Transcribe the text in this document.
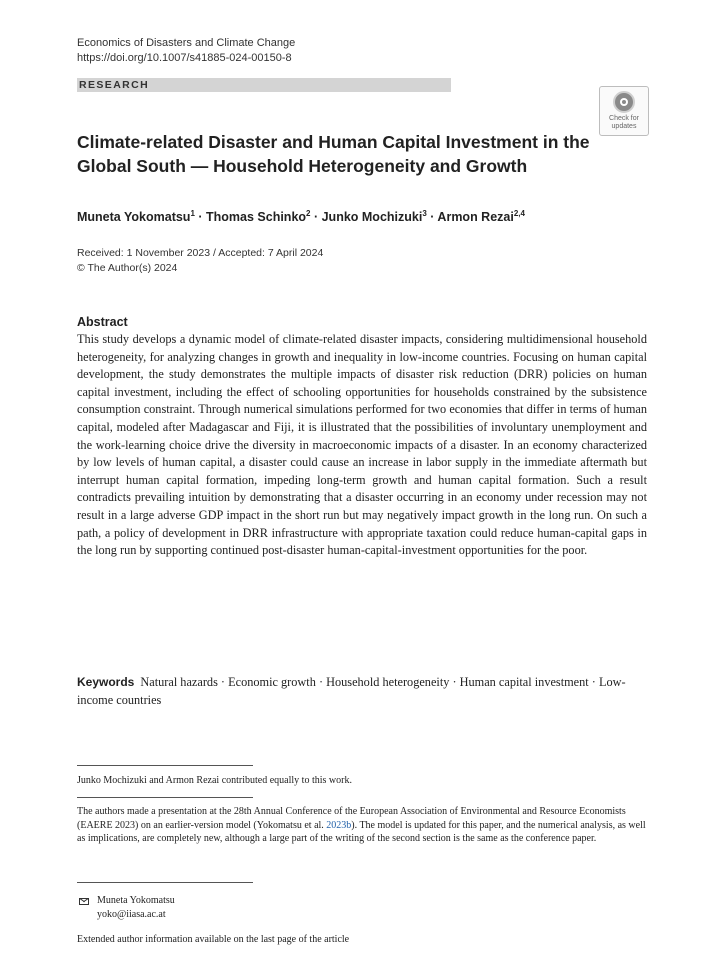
Economics of Disasters and Climate Change
https://doi.org/10.1007/s41885-024-00150-8
RESEARCH
Check for
updates
Climate-related Disaster and Human Capital Investment in the Global South — Household Heterogeneity and Growth
Muneta Yokomatsu$^1$ · Thomas Schinko$^2$ · Junko Mochizuki$^3$ · Armon Rezai$^{2,4}$
Received: 1 November 2023 / Accepted: 7 April 2024
© The Author(s) 2024
Abstract
This study develops a dynamic model of climate-related disaster impacts, considering multidimensional household heterogeneity, for analyzing changes in growth and inequality in low-income countries. Focusing on human capital development, the study demonstrates the multiple impacts of disaster risk reduction (DRR) policies on human capital investment, including the effect of schooling opportunities for households constrained by the subsistence consumption constraint. Through numerical simulations performed for two economies that differ in terms of human capital, modeled after Madagascar and Fiji, it is illustrated that the possibilities of involuntary unemployment and the work-learning choice drive the diversity in macroeconomic impacts of a disaster. In an economy characterized by low levels of human capital, a disaster could cause an increase in labor supply in the immediate aftermath but interrupt human capital formation, impeding long-term growth and human capital formation. Such a result contradicts prevailing intuition by demonstrating that a disaster occurring in an economy under recession may not result in a large adverse GDP impact in the short run but may negatively impact growth in the long run. On such a path, a policy of development in DRR infrastructure with appropriate taxation could reduce human-capital gaps in the long run by supporting continued post-disaster human-capital-investment opportunities for the poor.
Keywords Natural hazards · Economic growth · Household heterogeneity · Human capital investment · Low-income countries
Junko Mochizuki and Armon Rezai contributed equally to this work.
The authors made a presentation at the 28th Annual Conference of the European Association of Environmental and Resource Economists (EAERE 2023) on an earlier-version model (Yokomatsu et al. 2023b). The model is updated for this paper, and the numerical analysis, as well as implications, are completely new, although a large part of the writing of the second section is the same as the conference paper.
Muneta Yokomatsu
yoko@iiasa.ac.at
Extended author information available on the last page of the article
